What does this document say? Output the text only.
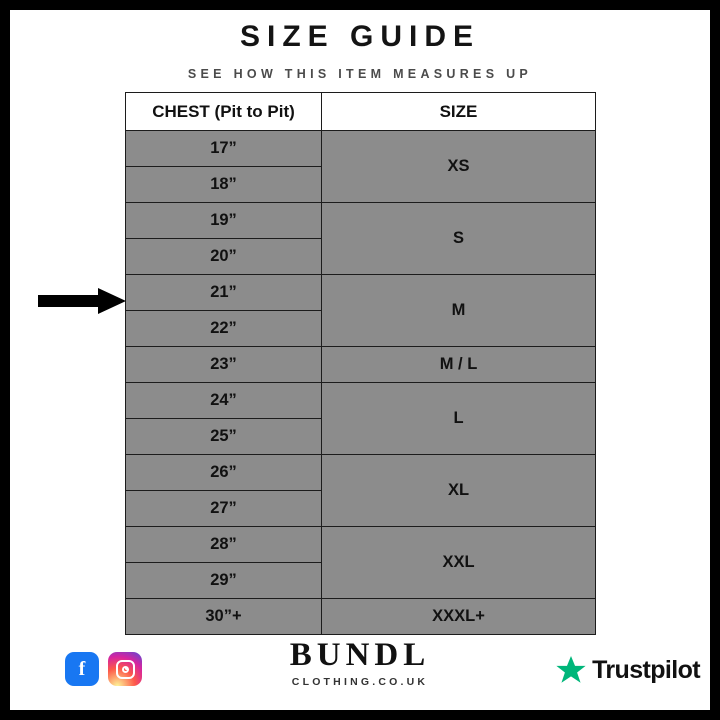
SIZE GUIDE
SEE HOW THIS ITEM MEASURES UP
CHEST (Pit to Pit)	SIZE
17”	XS
18”	
19”	S
20”	
21”	M
22”	
23”	M / L
24”	L
25”	
26”	XL
27”	
28”	XXL
29”	
30”+	XXXL+
G f	BUNDL
CLOTHING.CO.UK	Trustpilot
